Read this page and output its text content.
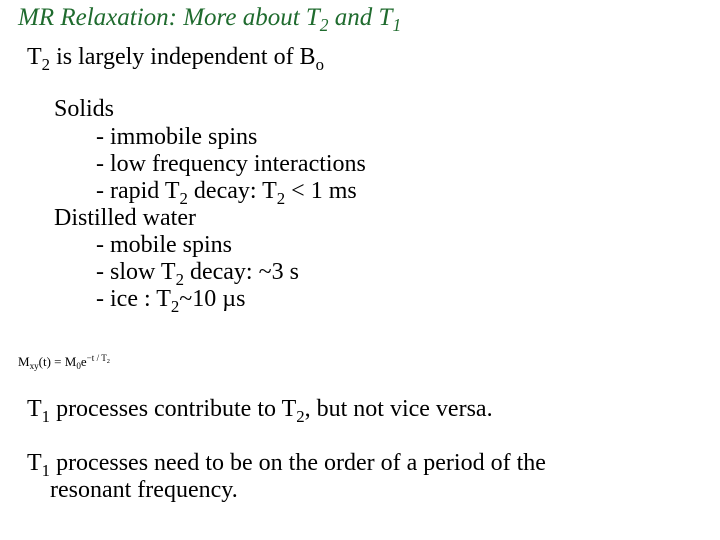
MR Relaxation: More about $T_2$ and $T_1$
$T_2$ is largely independent of $B_o$
Solids
- immobile spins
- low frequency interactions
- rapid $T_2$ decay: $T_2 < 1$ ms
Distilled water
- mobile spins
- slow $T_2$ decay: ~3 s
- ice : $T_2\sim 10$ µs
$M_{xy}(t) = M_0e^{-t / T_2}$
$T_1$ processes contribute to $T_2$, but not vice versa.
$T_1$ processes need to be on the order of a period of the
resonant frequency.
